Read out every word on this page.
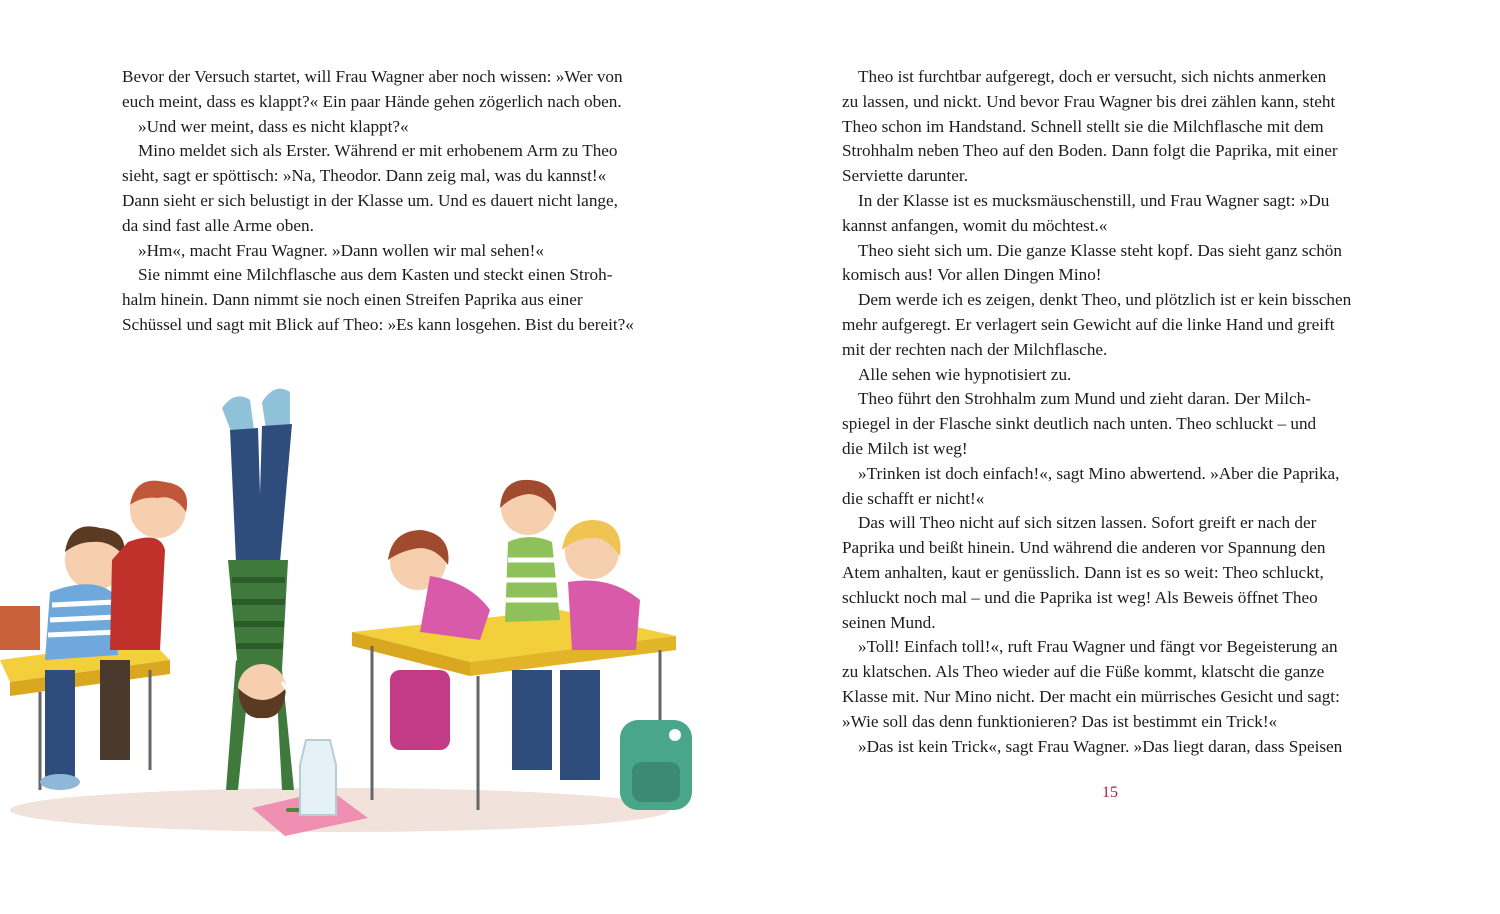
Bevor der Versuch startet, will Frau Wagner aber noch wissen: »Wer von
euch meint, dass es klappt?« Ein paar Hände gehen zögerlich nach oben.
»Und wer meint, dass es nicht klappt?«
Mino meldet sich als Erster. Während er mit erhobenem Arm zu Theo
sieht, sagt er spöttisch: »Na, Theodor. Dann zeig mal, was du kannst!«
Dann sieht er sich belustigt in der Klasse um. Und es dauert nicht lange,
da sind fast alle Arme oben.
»Hm«, macht Frau Wagner. »Dann wollen wir mal sehen!«
Sie nimmt eine Milchflasche aus dem Kasten und steckt einen Stroh-
halm hinein. Dann nimmt sie noch einen Streifen Paprika aus einer
Schüssel und sagt mit Blick auf Theo: »Es kann losgehen. Bist du bereit?«
Theo ist furchtbar aufgeregt, doch er versucht, sich nichts anmerken
zu lassen, und nickt. Und bevor Frau Wagner bis drei zählen kann, steht
Theo schon im Handstand. Schnell stellt sie die Milchflasche mit dem
Strohhalm neben Theo auf den Boden. Dann folgt die Paprika, mit einer
Serviette darunter.
In der Klasse ist es mucksmäuschenstill, und Frau Wagner sagt: »Du
kannst anfangen, womit du möchtest.«
Theo sieht sich um. Die ganze Klasse steht kopf. Das sieht ganz schön
komisch aus! Vor allen Dingen Mino!
Dem werde ich es zeigen, denkt Theo, und plötzlich ist er kein bisschen
mehr aufgeregt. Er verlagert sein Gewicht auf die linke Hand und greift
mit der rechten nach der Milchflasche.
Alle sehen wie hypnotisiert zu.
Theo führt den Strohhalm zum Mund und zieht daran. Der Milch-
spiegel in der Flasche sinkt deutlich nach unten. Theo schluckt – und
die Milch ist weg!
»Trinken ist doch einfach!«, sagt Mino abwertend. »Aber die Paprika,
die schafft er nicht!«
Das will Theo nicht auf sich sitzen lassen. Sofort greift er nach der
Paprika und beißt hinein. Und während die anderen vor Spannung den
Atem anhalten, kaut er genüsslich. Dann ist es so weit: Theo schluckt,
schluckt noch mal – und die Paprika ist weg! Als Beweis öffnet Theo
seinen Mund.
»Toll! Einfach toll!«, ruft Frau Wagner und fängt vor Begeisterung an
zu klatschen. Als Theo wieder auf die Füße kommt, klatscht die ganze
Klasse mit. Nur Mino nicht. Der macht ein mürrisches Gesicht und sagt:
»Wie soll das denn funktionieren? Das ist bestimmt ein Trick!«
»Das ist kein Trick«, sagt Frau Wagner. »Das liegt daran, dass Speisen
15
